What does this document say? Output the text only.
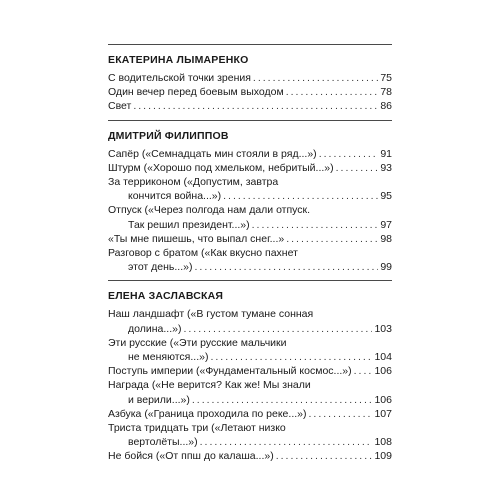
ЕКАТЕРИНА ЛЫМАРЕНКО
С водительской точки зрения .....	75
Один вечер перед боевым выходом .....	78
Свет .....	86
ДМИТРИЙ ФИЛИППОВ
Сапёр («Семнадцать мин стояли в ряд...») .....	91
Штурм («Хорошо под хмельком, небритый...») .....	93
За терриконом («Допустим, завтра
кончится война...») .....	95
Отпуск («Через полгода нам дали отпуск.
Так решил президент...») .....	97
«Ты мне пишешь, что выпал снег...» .....	98
Разговор с братом («Как вкусно пахнет
этот день...») .....	99
ЕЛЕНА ЗАСЛАВСКАЯ
Наш ландшафт («В густом тумане сонная
долина...») .....	103
Эти русские («Эти русские мальчики
не меняются...») .....	104
Поступь империи («Фундаментальный космос...») ..... 106
Награда («Не верится? Как же! Мы знали
и верили...») .....	106
Азбука («Граница проходила по реке...») .....	107
Триста тридцать три («Летают низко
вертолёты...») .....	108
Не бойся («От ппш до калаша...») .....	109
